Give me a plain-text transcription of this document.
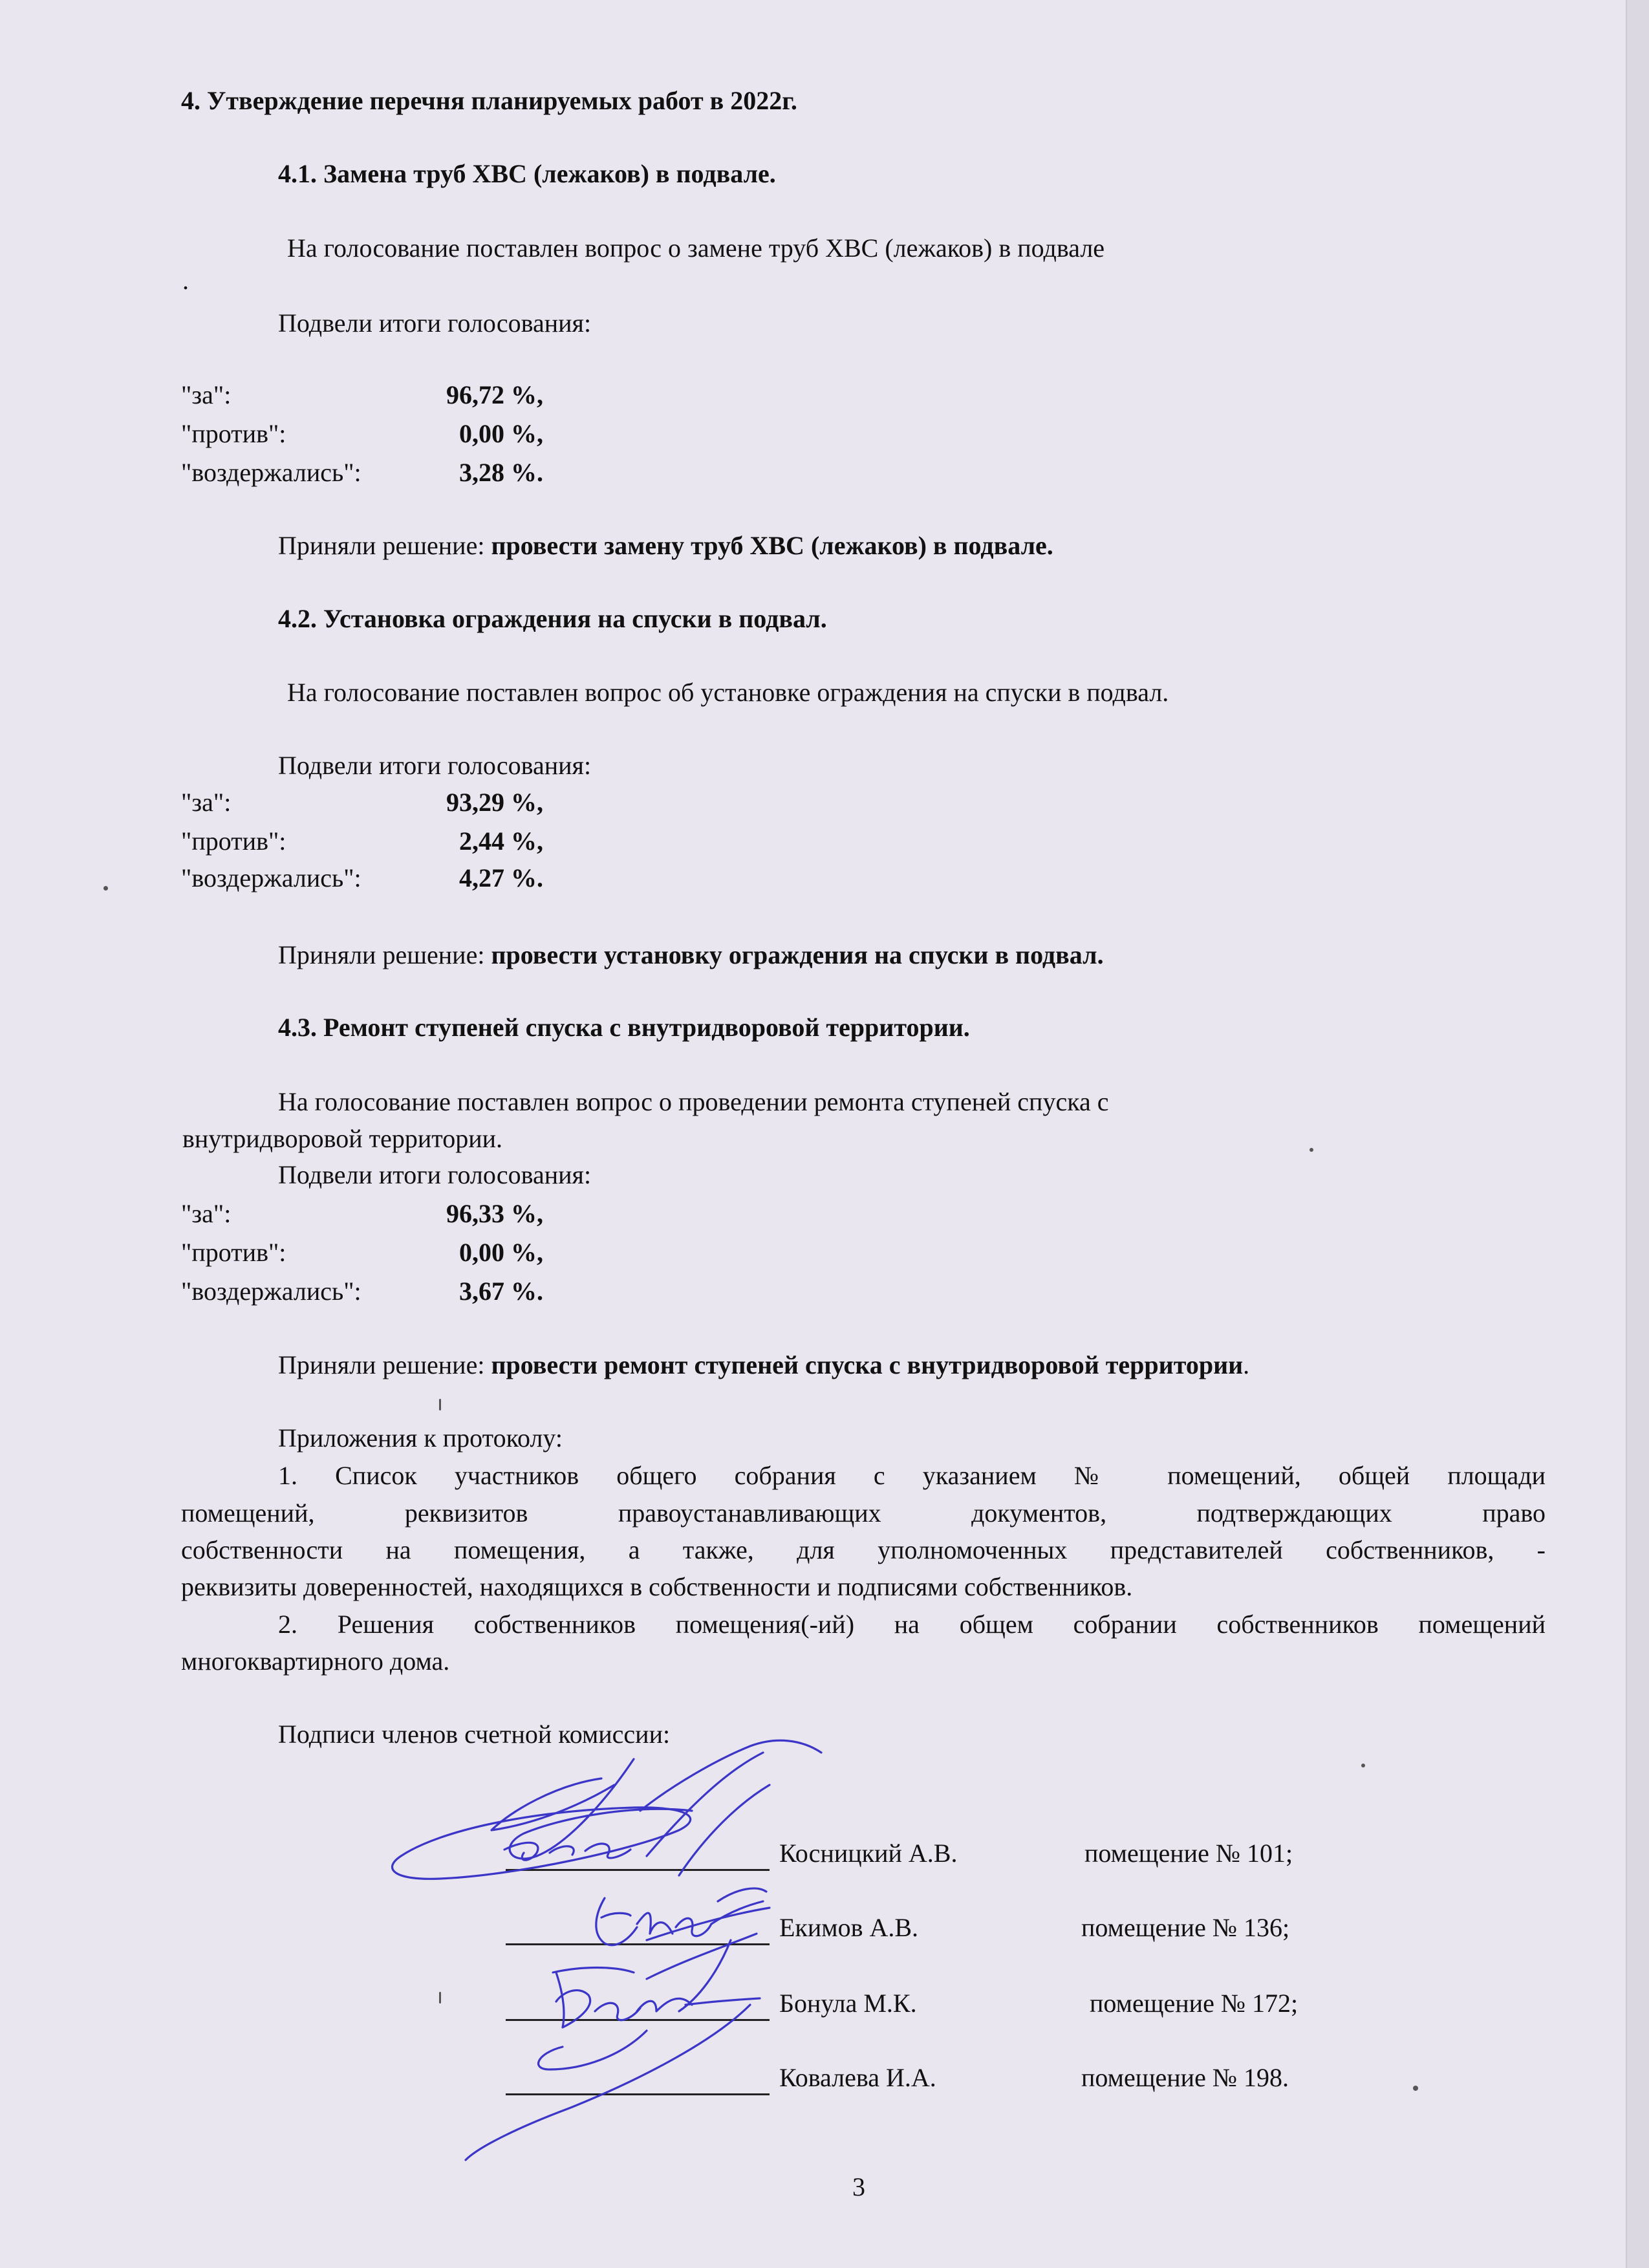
4. Утверждение перечня планируемых работ в 2022г.

4.1. Замена труб ХВС (лежаков) в подвале.

На голосование поставлен вопрос о замене труб ХВС (лежаков) в подвале

.

Подвели итоги голосования:

"за":	96,72 %,
"против":	0,00 %,
"воздержались":	3,28 %.

Приняли решение: провести замену труб ХВС (лежаков) в подвале.

4.2. Установка ограждения на спуски в подвал.

На голосование поставлен вопрос об установке ограждения на спуски в подвал.

Подвели итоги голосования:

"за":	93,29 %,
"против":	2,44 %,
"воздержались":	4,27 %.

Приняли решение: провести установку ограждения на спуски в подвал.

4.3. Ремонт ступеней спуска с внутридворовой территории.

На голосование поставлен вопрос о проведении ремонта ступеней спуска с

внутридворовой территории.

Подвели итоги голосования:

"за":	96,33 %,
"против":	0,00 %,
"воздержались":	3,67 %.

Приняли решение: провести ремонт ступеней спуска с внутридворовой территории.

Приложения к протоколу:

1. Список участников общего собрания с указанием № помещений, общей площади
помещений, реквизитов правоустанавливающих документов, подтверждающих право
собственности на помещения, а также, для уполномоченных представителей собственников, -

реквизиты доверенностей, находящихся в собственности и подписями собственников.

2. Решения собственников помещения(-ий) на общем собрании собственников помещений

многоквартирного дома.

Подписи членов счетной комиссии:

Косницкий А.В.	помещение № 101;
Екимов А.В.	помещение № 136;
Бонула М.К.	помещение № 172;
Ковалева И.А.	помещение № 198.

3
